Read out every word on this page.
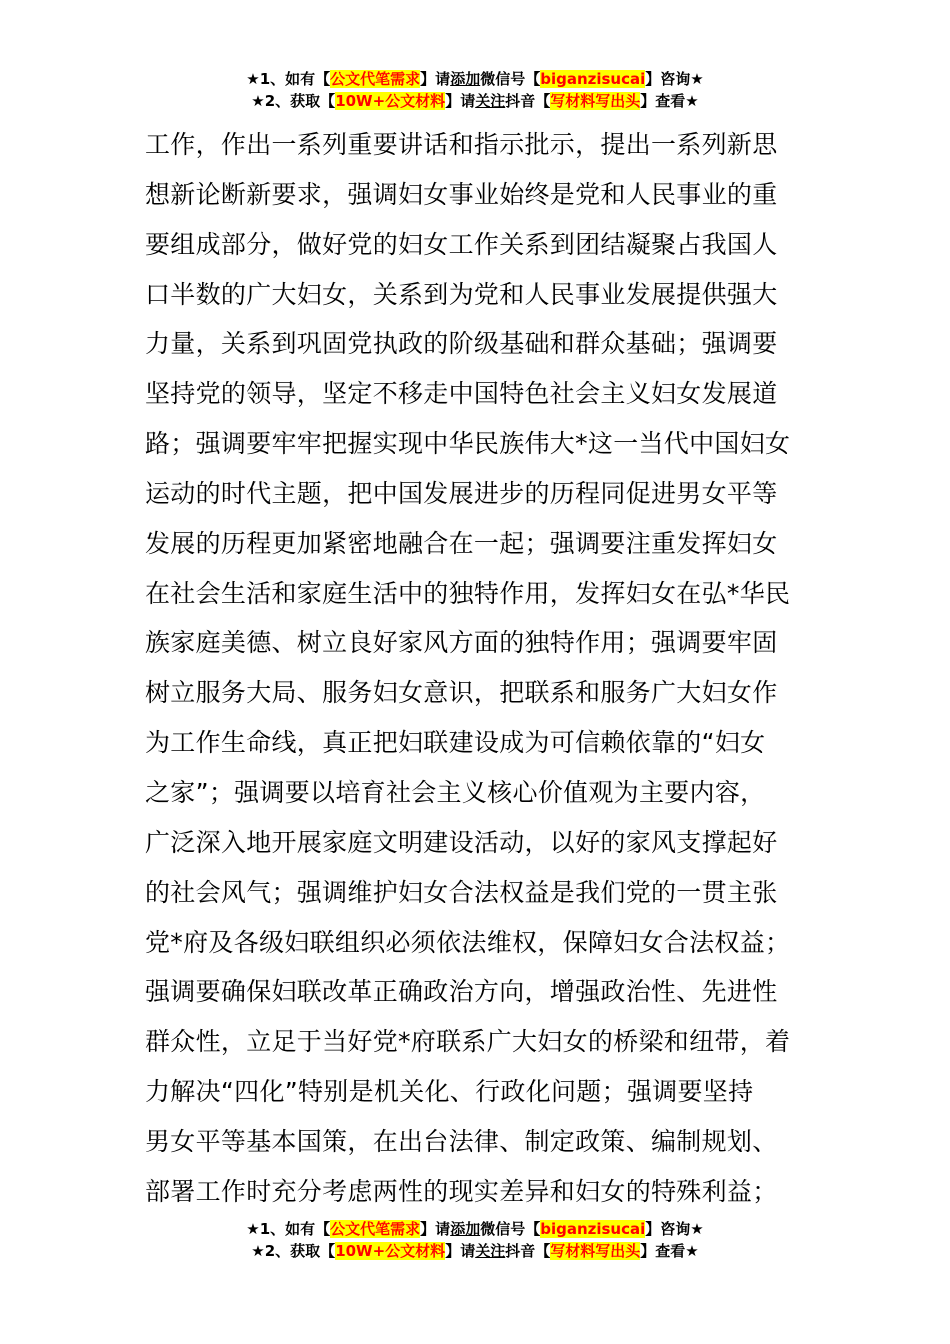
★1、如有【公文代笔需求】请添加微信号【biganzisucai】咨询★
★2、获取【10W+公文材料】请关注抖音【写材料写出头】查看★
工作，作出一系列重要讲话和指示批示，提出一系列新思
想新论断新要求，强调妇女事业始终是党和人民事业的重
要组成部分，做好党的妇女工作关系到团结凝聚占我国人
口半数的广大妇女，关系到为党和人民事业发展提供强大
力量，关系到巩固党执政的阶级基础和群众基础；强调要
坚持党的领导，坚定不移走中国特色社会主义妇女发展道
路；强调要牢牢把握实现中华民族伟大*这一当代中国妇女
运动的时代主题，把中国发展进步的历程同促进男女平等
发展的历程更加紧密地融合在一起；强调要注重发挥妇女
在社会生活和家庭生活中的独特作用，发挥妇女在弘*华民
族家庭美德、树立良好家风方面的独特作用；强调要牢固
树立服务大局、服务妇女意识，把联系和服务广大妇女作
为工作生命线，真正把妇联建设成为可信赖依靠的“妇女
之家”；强调要以培育社会主义核心价值观为主要内容，
广泛深入地开展家庭文明建设活动，以好的家风支撑起好
的社会风气；强调维护妇女合法权益是我们党的一贯主张
党*府及各级妇联组织必须依法维权，保障妇女合法权益；
强调要确保妇联改革正确政治方向，增强政治性、先进性
群众性，立足于当好党*府联系广大妇女的桥梁和纽带，着
力解决“四化”特别是机关化、行政化问题；强调要坚持
男女平等基本国策，在出台法律、制定政策、编制规划、
部署工作时充分考虑两性的现实差异和妇女的特殊利益；
★1、如有【公文代笔需求】请添加微信号【biganzisucai】咨询★
★2、获取【10W+公文材料】请关注抖音【写材料写出头】查看★
